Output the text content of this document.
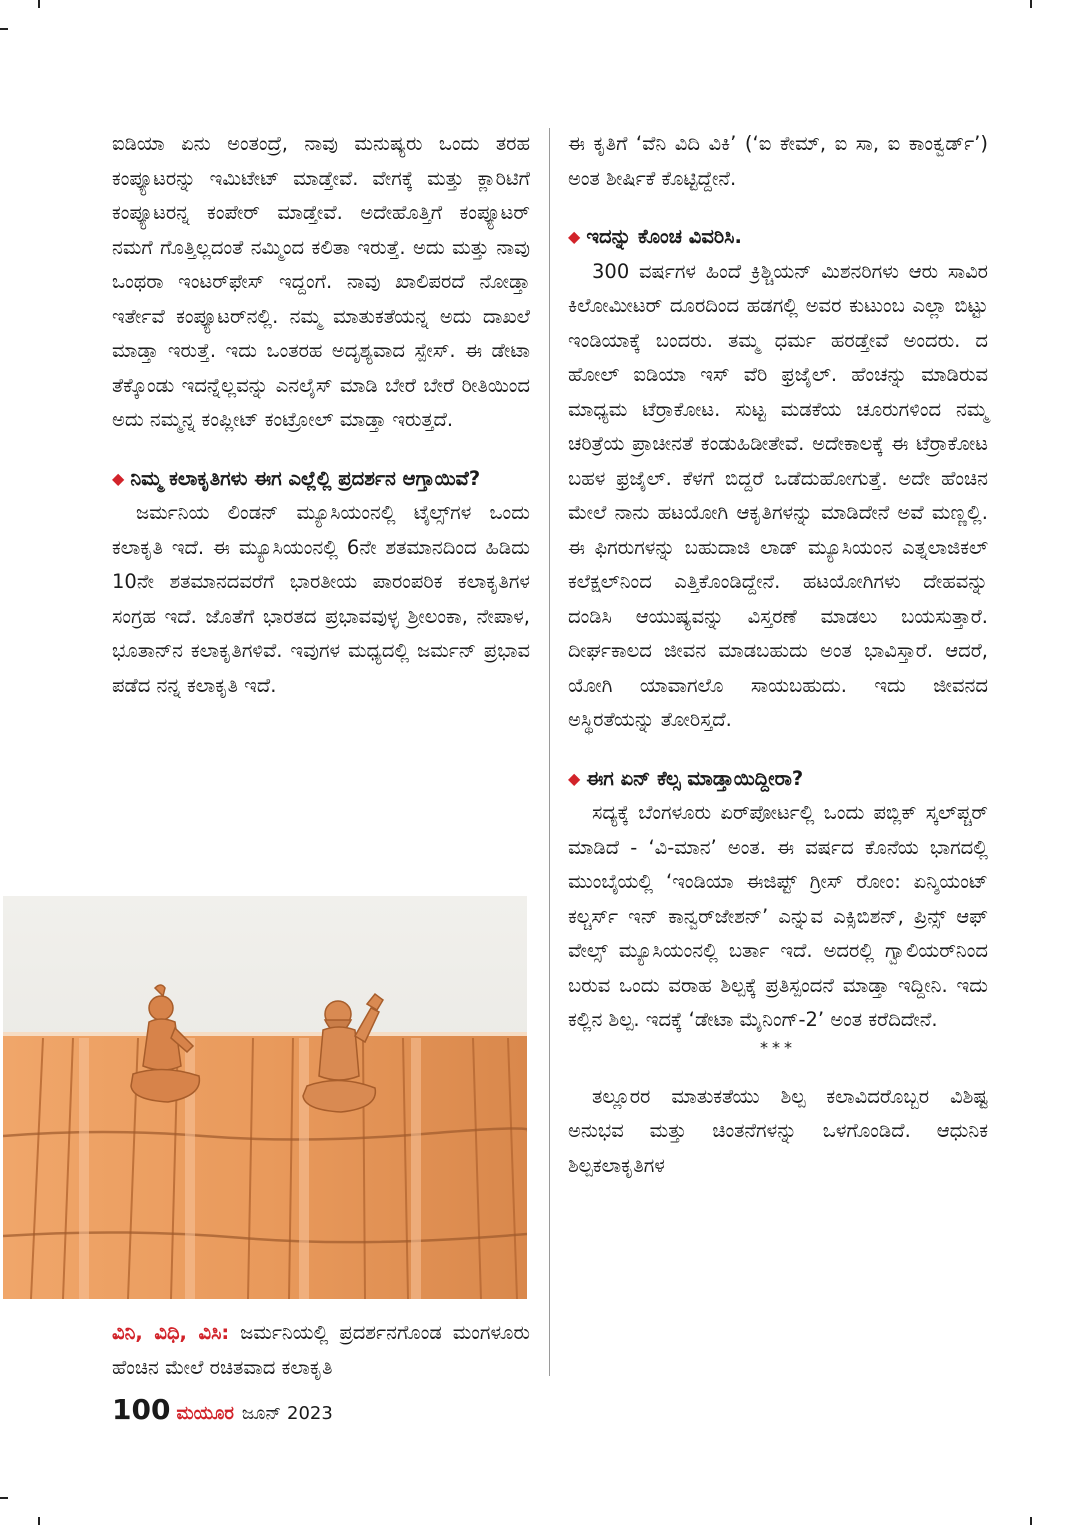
ಐಡಿಯಾ ಏನು ಅಂತಂದ್ರೆ, ನಾವು ಮನುಷ್ಯರು ಒಂದು ತರಹ ಕಂಪ್ಯೂಟರನ್ನು ಇಮಿಟೇಟ್ ಮಾಡ್ತೇವೆ. ವೇಗಕ್ಕೆ ಮತ್ತು ಕ್ಲಾರಿಟಿಗೆ ಕಂಪ್ಯೂಟರನ್ನ ಕಂಪೇರ್ ಮಾಡ್ತೇವೆ. ಅದೇಹೊತ್ತಿಗೆ ಕಂಪ್ಯೂಟರ್ ನಮಗೆ ಗೊತ್ತಿಲ್ಲದಂತೆ ನಮ್ಮಿಂದ ಕಲಿತಾ ಇರುತ್ತೆ. ಅದು ಮತ್ತು ನಾವು ಒಂಥರಾ ಇಂಟರ್‌ಫೇಸ್ ಇದ್ದಂಗೆ. ನಾವು ಖಾಲಿಪರದೆ ನೋಡ್ತಾ ಇರ್ತೇವೆ ಕಂಪ್ಯೂಟರ್‌ನಲ್ಲಿ. ನಮ್ಮ ಮಾತುಕತೆಯನ್ನ ಅದು ದಾಖಲೆ ಮಾಡ್ತಾ ಇರುತ್ತೆ. ಇದು ಒಂತರಹ ಅದೃಶ್ಯವಾದ ಸ್ಪೇಸ್. ಈ ಡೇಟಾ ತೆಕ್ಕೊಂಡು ಇದನ್ನೆಲ್ಲವನ್ನು ಎನಲೈಸ್ ಮಾಡಿ ಬೇರೆ ಬೇರೆ ರೀತಿಯಿಂದ ಅದು ನಮ್ಮನ್ನ ಕಂಪ್ಲೀಟ್ ಕಂಟ್ರೋಲ್ ಮಾಡ್ತಾ ಇರುತ್ತದೆ.

◆ ನಿಮ್ಮ ಕಲಾಕೃತಿಗಳು ಈಗ ಎಲ್ಲೆಲ್ಲಿ ಪ್ರದರ್ಶನ ಆಗ್ತಾಯಿವೆ?

ಜರ್ಮನಿಯ ಲಿಂಡನ್ ಮ್ಯೂಸಿಯಂನಲ್ಲಿ ಟೈಲ್ಸ್‌ಗಳ ಒಂದು ಕಲಾಕೃತಿ ಇದೆ. ಈ ಮ್ಯೂಸಿಯಂನಲ್ಲಿ 6ನೇ ಶತಮಾನದಿಂದ ಹಿಡಿದು 10ನೇ ಶತಮಾನದವರೆಗೆ ಭಾರತೀಯ ಪಾರಂಪರಿಕ ಕಲಾಕೃತಿಗಳ ಸಂಗ್ರಹ ಇದೆ. ಜೊತೆಗೆ ಭಾರತದ ಪ್ರಭಾವವುಳ್ಳ ಶ್ರೀಲಂಕಾ, ನೇಪಾಳ, ಭೂತಾನ್‌ನ ಕಲಾಕೃತಿಗಳಿವೆ. ಇವುಗಳ ಮಧ್ಯದಲ್ಲಿ ಜರ್ಮನ್ ಪ್ರಭಾವ ಪಡೆದ ನನ್ನ ಕಲಾಕೃತಿ ಇದೆ.

ಈ ಕೃತಿಗೆ ‘ವೆನಿ ವಿದಿ ವಿಕಿ’ (‘ಐ ಕೇಮ್, ಐ ಸಾ, ಐ ಕಾಂಕ್ವರ್ಡ್’) ಅಂತ ಶೀರ್ಷಿಕೆ ಕೊಟ್ಟಿದ್ದೇನೆ.

◆ ಇದನ್ನು ಕೊಂಚ ವಿವರಿಸಿ.

300 ವರ್ಷಗಳ ಹಿಂದೆ ಕ್ರಿಶ್ಚಿಯನ್ ಮಿಶನರಿಗಳು ಆರು ಸಾವಿರ ಕಿಲೋಮೀಟರ್ ದೂರದಿಂದ ಹಡಗಲ್ಲಿ ಅವರ ಕುಟುಂಬ ಎಲ್ಲಾ ಬಿಟ್ಟು ಇಂಡಿಯಾಕ್ಕೆ ಬಂದರು. ತಮ್ಮ ಧರ್ಮ ಹರಡ್ತೇವೆ ಅಂದರು. ದ ಹೋಲ್ ಐಡಿಯಾ ಇಸ್ ವೆರಿ ಫ್ರಜೈಲ್. ಹೆಂಚನ್ನು ಮಾಡಿರುವ ಮಾಧ್ಯಮ ಟೆರ್ರಾಕೋಟ. ಸುಟ್ಟ ಮಡಕೆಯ ಚೂರುಗಳಿಂದ ನಮ್ಮ ಚರಿತ್ರೆಯ ಪ್ರಾಚೀನತೆ ಕಂಡುಹಿಡೀತೇವೆ. ಅದೇಕಾಲಕ್ಕೆ ಈ ಟೆರ್ರಾಕೋಟ ಬಹಳ ಫ್ರಜೈಲ್. ಕೆಳಗೆ ಬಿದ್ದರೆ ಒಡೆದುಹೋಗುತ್ತೆ. ಅದೇ ಹೆಂಚಿನ ಮೇಲೆ ನಾನು ಹಟಯೋಗಿ ಆಕೃತಿಗಳನ್ನು ಮಾಡಿದೇನೆ ಅವೆ ಮಣ್ಣಲ್ಲಿ. ಈ ಫಿಗರುಗಳನ್ನು ಬಹುದಾಜಿ ಲಾಡ್ ಮ್ಯೂಸಿಯಂನ ಎತ್ನಲಾಜಿಕಲ್ ಕಲೆಕ್ಷಲ್‌ನಿಂದ ಎತ್ತಿಕೊಂಡಿದ್ದೇನೆ. ಹಟಯೋಗಿಗಳು ದೇಹವನ್ನು ದಂಡಿಸಿ ಆಯುಷ್ಯವನ್ನು ವಿಸ್ತರಣೆ ಮಾಡಲು ಬಯಸುತ್ತಾರೆ. ದೀರ್ಘಕಾಲದ ಜೀವನ ಮಾಡಬಹುದು ಅಂತ ಭಾವಿಸ್ತಾರೆ. ಆದರೆ, ಯೋಗಿ ಯಾವಾಗಲೊ ಸಾಯಬಹುದು. ಇದು ಜೀವನದ ಅಸ್ಥಿರತೆಯನ್ನು ತೋರಿಸ್ತದೆ.

◆ ಈಗ ಏನ್ ಕೆಲ್ಸ ಮಾಡ್ತಾಯಿದ್ದೀರಾ?

ಸದ್ಯಕ್ಕೆ ಬೆಂಗಳೂರು ಏರ್‌ಪೋರ್ಟಲ್ಲಿ ಒಂದು ಪಬ್ಲಿಕ್ ಸ್ಕಲ್‌ಪ್ಚರ್ ಮಾಡಿದೆ - ‘ವಿ-ಮಾನ’ ಅಂತ. ಈ ವರ್ಷದ ಕೊನೆಯ ಭಾಗದಲ್ಲಿ ಮುಂಬೈಯಲ್ಲಿ ‘ಇಂಡಿಯಾ ಈಜಿಪ್ಟ್ ಗ್ರೀಸ್ ರೋಂ: ಏನ್ಶಿಯಂಟ್ ಕಲ್ಚರ್ಸ್ ಇನ್ ಕಾನ್ವರ್‌ಜೇಶನ್’ ಎನ್ನುವ ಎಕ್ಸಿಬಿಶನ್, ಪ್ರಿನ್ಸ್ ಆಫ್ ವೇಲ್ಸ್ ಮ್ಯೂಸಿಯಂನಲ್ಲಿ ಬರ್ತಾ ಇದೆ. ಅದರಲ್ಲಿ ಗ್ವಾಲಿಯರ್‌ನಿಂದ ಬರುವ ಒಂದು ವರಾಹ ಶಿಲ್ಪಕ್ಕೆ ಪ್ರತಿಸ್ಪಂದನೆ ಮಾಡ್ತಾ ಇದ್ದೀನಿ. ಇದು ಕಲ್ಲಿನ ಶಿಲ್ಪ. ಇದಕ್ಕೆ ‘ಡೇಟಾ ಮೈನಿಂಗ್-2’ ಅಂತ ಕರೆದಿದೇನೆ.

***

ತಲ್ಲೂರರ ಮಾತುಕತೆಯು ಶಿಲ್ಪ ಕಲಾವಿದರೊಬ್ಬರ ವಿಶಿಷ್ಟ ಅನುಭವ ಮತ್ತು ಚಿಂತನೆಗಳನ್ನು ಒಳಗೊಂಡಿದೆ. ಆಧುನಿಕ ಶಿಲ್ಪಕಲಾಕೃತಿಗಳ

ವಿನಿ, ವಿಧಿ, ವಿಸಿ: ಜರ್ಮನಿಯಲ್ಲಿ ಪ್ರದರ್ಶನಗೊಂಡ ಮಂಗಳೂರು ಹೆಂಚಿನ ಮೇಲೆ ರಚಿತವಾದ ಕಲಾಕೃತಿ
100 ಮಯೂರ ಜೂನ್ 2023
